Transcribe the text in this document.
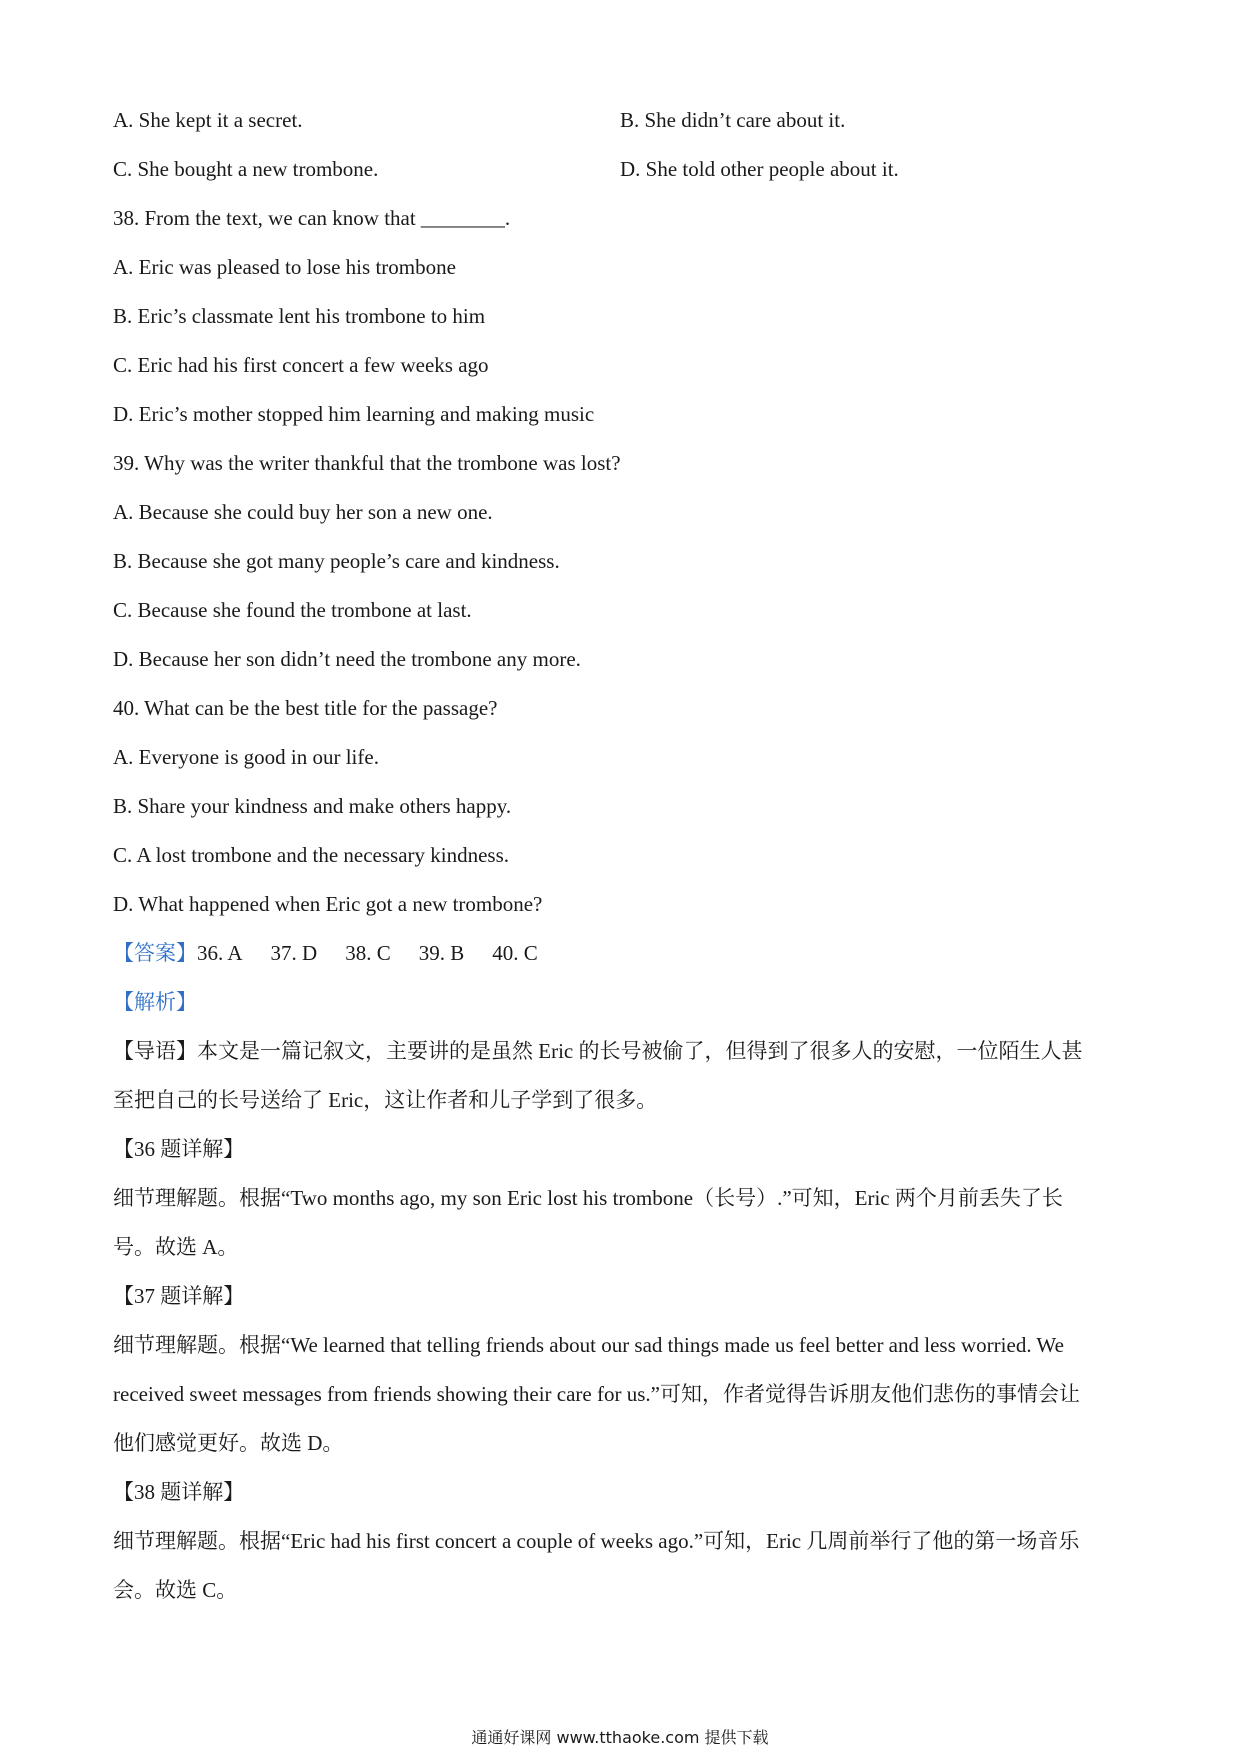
A. She kept it a secret.	B. She didn’t care about it.
C. She bought a new trombone.	D. She told other people about it.
38. From the text, we can know that ________.
A. Eric was pleased to lose his trombone
B. Eric’s classmate lent his trombone to him
C. Eric had his first concert a few weeks ago
D. Eric’s mother stopped him learning and making music
39. Why was the writer thankful that the trombone was lost?
A. Because she could buy her son a new one.
B. Because she got many people’s care and kindness.
C. Because she found the trombone at last.
D. Because her son didn’t need the trombone any more.
40. What can be the best title for the passage?
A. Everyone is good in our life.
B. Share your kindness and make others happy.
C. A lost trombone and the necessary kindness.
D. What happened when Eric got a new trombone?
【答案】36. A 37. D 38. C 39. B 40. C
【解析】
【导语】本文是一篇记叙文，主要讲的是虽然 Eric 的长号被偷了，但得到了很多人的安慰，一位陌生人甚
至把自己的长号送给了 Eric，这让作者和儿子学到了很多。
【36 题详解】
细节理解题。根据“Two months ago, my son Eric lost his trombone（长号）.”可知，Eric 两个月前丢失了长
号。故选 A。
【37 题详解】
细节理解题。根据“We learned that telling friends about our sad things made us feel better and less worried. We
received sweet messages from friends showing their care for us.”可知，作者觉得告诉朋友他们悲伤的事情会让
他们感觉更好。故选 D。
【38 题详解】
细节理解题。根据“Eric had his first concert a couple of weeks ago.”可知，Eric 几周前举行了他的第一场音乐
会。故选 C。
通通好课网 www.tthaoke.com 提供下载
